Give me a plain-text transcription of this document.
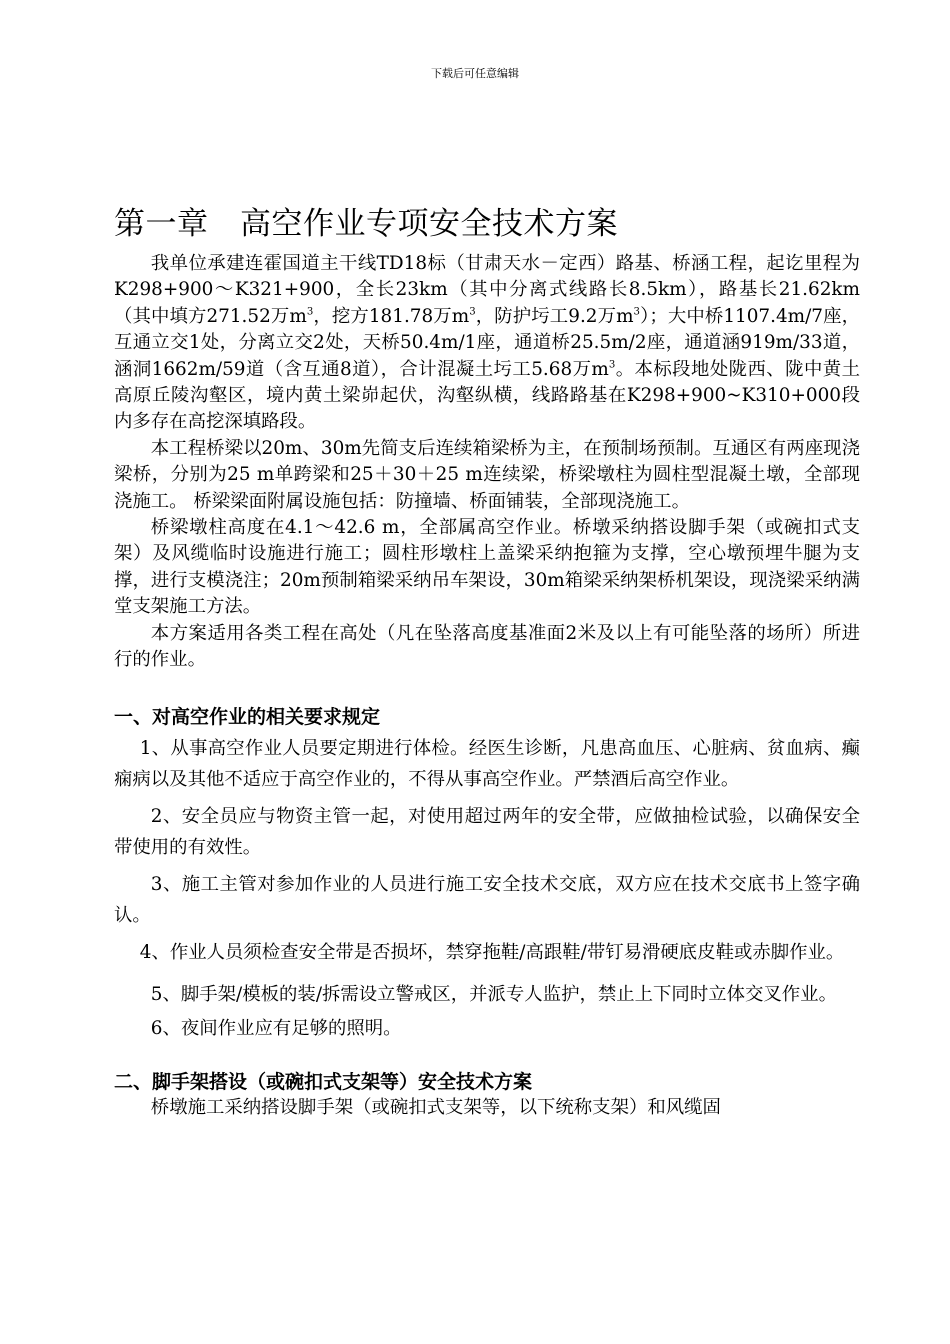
下载后可任意编辑
第一章　高空作业专项安全技术方案

我单位承建连霍国道主干线TD18标（甘肃天水－定西）路基、桥涵工程，起讫里程为K298+900～K321+900，全长23km（其中分离式线路长8.5km），路基长21.62km（其中填方271.52万$m^3$，挖方181.78万$m^3$，防护圬工9.2万$m^3$）；大中桥1107.4m/7座，互通立交1处，分离立交2处，天桥50.4m/1座，通道桥25.5m/2座，通道涵919m/33道，涵洞1662m/59道（含互通8道），合计混凝土圬工5.68万$m^3$。本标段地处陇西、陇中黄土高原丘陵沟壑区，境内黄土梁峁起伏，沟壑纵横，线路路基在K298+900~K310+000段内多存在高挖深填路段。

本工程桥梁以20m、30m先简支后连续箱梁桥为主，在预制场预制。互通区有两座现浇梁桥，分别为25 m单跨梁和25＋30＋25 m连续梁，桥梁墩柱为圆柱型混凝土墩，全部现浇施工。 桥梁梁面附属设施包括：防撞墙、桥面铺装，全部现浇施工。

桥梁墩柱高度在4.1～42.6 m，全部属高空作业。桥墩采纳搭设脚手架（或碗扣式支架）及风缆临时设施进行施工；圆柱形墩柱上盖梁采纳抱箍为支撑，空心墩预埋牛腿为支撑，进行支模浇注；20m预制箱梁采纳吊车架设，30m箱梁采纳架桥机架设，现浇梁采纳满堂支架施工方法。

本方案适用各类工程在高处（凡在坠落高度基准面2米及以上有可能坠落的场所）所进行的作业。

一、对高空作业的相关要求规定

1、从事高空作业人员要定期进行体检。经医生诊断，凡患高血压、心脏病、贫血病、癫痫病以及其他不适应于高空作业的，不得从事高空作业。严禁酒后高空作业。

2、安全员应与物资主管一起，对使用超过两年的安全带，应做抽检试验，以确保安全带使用的有效性。

3、施工主管对参加作业的人员进行施工安全技术交底，双方应在技术交底书上签字确认。

4、作业人员须检查安全带是否损坏，禁穿拖鞋/高跟鞋/带钉易滑硬底皮鞋或赤脚作业。

5、脚手架/模板的装/拆需设立警戒区，并派专人监护，禁止上下同时立体交叉作业。

6、夜间作业应有足够的照明。

二、脚手架搭设（或碗扣式支架等）安全技术方案

桥墩施工采纳搭设脚手架（或碗扣式支架等，以下统称支架）和风缆固
